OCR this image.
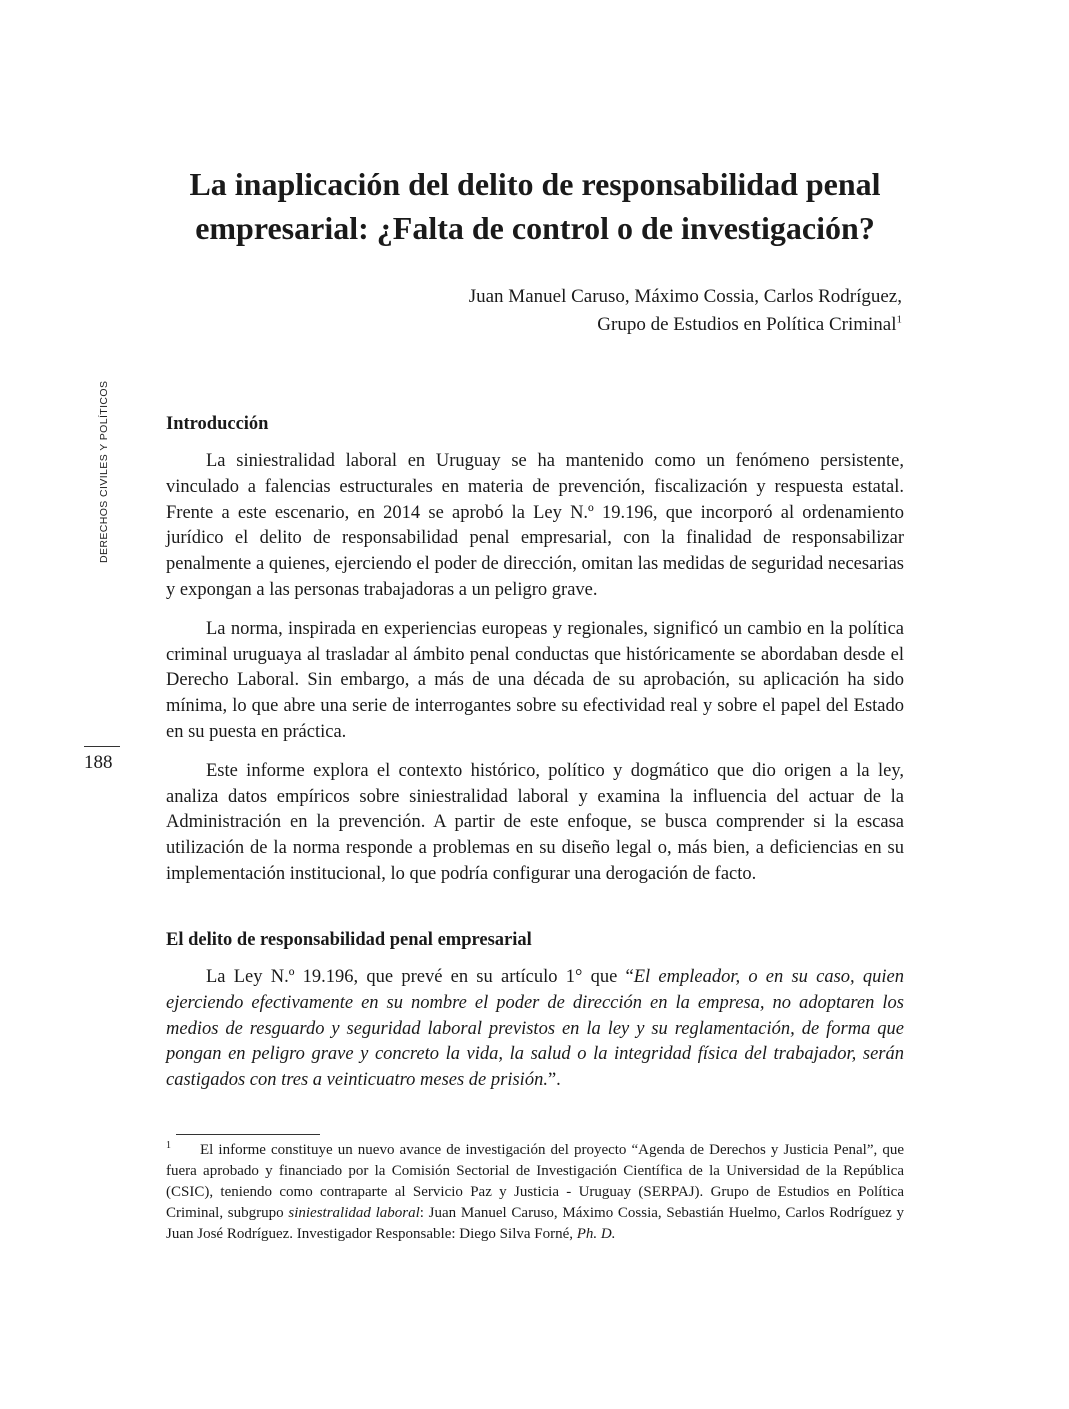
La inaplicación del delito de responsabilidad penal empresarial: ¿Falta de control o de investigación?
Juan Manuel Caruso, Máximo Cossia, Carlos Rodríguez,
Grupo de Estudios en Política Criminal$^1$
DERECHOS CIVILES Y POLÍTICOS
188
Introducción

La siniestralidad laboral en Uruguay se ha mantenido como un fenómeno persistente, vinculado a falencias estructurales en materia de prevención, fiscalización y respuesta estatal. Frente a este escenario, en 2014 se aprobó la Ley N.º 19.196, que incorporó al ordenamiento jurídico el delito de responsabilidad penal empresarial, con la finalidad de responsabilizar penalmente a quienes, ejerciendo el poder de dirección, omitan las medidas de seguridad necesarias y expongan a las personas trabajadoras a un peligro grave.

La norma, inspirada en experiencias europeas y regionales, significó un cambio en la política criminal uruguaya al trasladar al ámbito penal conductas que históricamente se abordaban desde el Derecho Laboral. Sin embargo, a más de una década de su aprobación, su aplicación ha sido mínima, lo que abre una serie de interrogantes sobre su efectividad real y sobre el papel del Estado en su puesta en práctica.

Este informe explora el contexto histórico, político y dogmático que dio origen a la ley, analiza datos empíricos sobre siniestralidad laboral y examina la influencia del actuar de la Administración en la prevención. A partir de este enfoque, se busca comprender si la escasa utilización de la norma responde a problemas en su diseño legal o, más bien, a deficiencias en su implementación institucional, lo que podría configurar una derogación de facto.

El delito de responsabilidad penal empresarial

La Ley N.º 19.196, que prevé en su artículo 1° que “El empleador, o en su caso, quien ejerciendo efectivamente en su nombre el poder de dirección en la empresa, no adoptaren los medios de resguardo y seguridad laboral previstos en la ley y su reglamentación, de forma que pongan en peligro grave y concreto la vida, la salud o la integridad física del trabajador, serán castigados con tres a veinticuatro meses de prisión.”.

1 El informe constituye un nuevo avance de investigación del proyecto “Agenda de Derechos y Justicia Penal”, que fuera aprobado y financiado por la Comisión Sectorial de Investigación Científica de la Universidad de la República (CSIC), teniendo como contraparte al Servicio Paz y Justicia - Uruguay (SERPAJ). Grupo de Estudios en Política Criminal, subgrupo siniestralidad laboral: Juan Manuel Caruso, Máximo Cossia, Sebastián Huelmo, Carlos Rodríguez y Juan José Rodríguez. Investigador Responsable: Diego Silva Forné, Ph. D.
